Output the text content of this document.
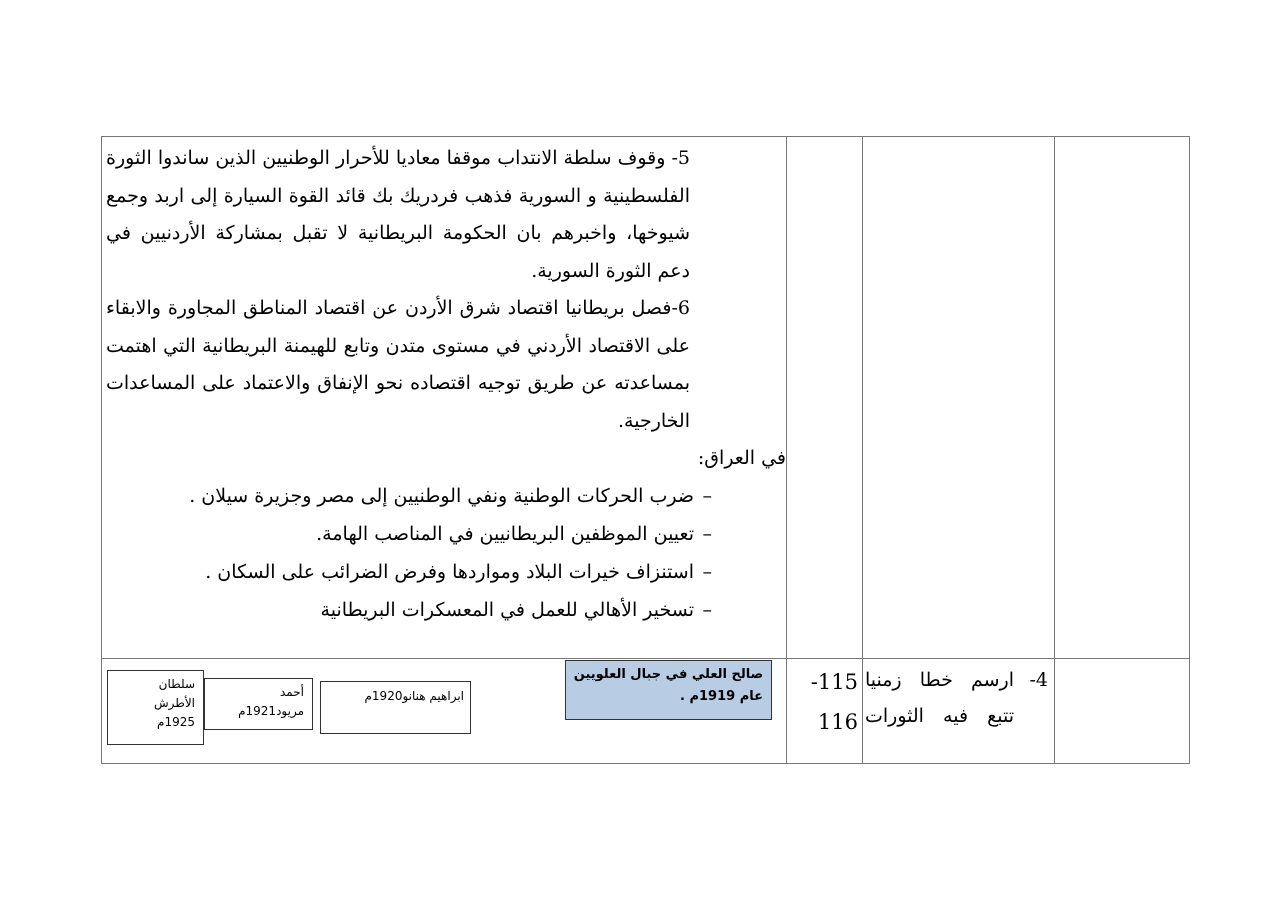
5- وقوف سلطة الانتداب موقفا معاديا للأحرار الوطنيين الذين ساندوا الثورة الفلسطينية و السورية فذهب فردريك بك قائد القوة السيارة إلى اربد وجمع شيوخها، واخبرهم بان الحكومة البريطانية لا تقبل بمشاركة الأردنيين في دعم الثورة السورية.

6-فصل بريطانيا اقتصاد شرق الأردن عن اقتصاد المناطق المجاورة والابقاء على الاقتصاد الأردني في مستوى متدن وتابع للهيمنة البريطانية التي اهتمت بمساعدته عن طريق توجيه اقتصاده نحو الإنفاق والاعتماد على المساعدات الخارجية.

في العراق:
–
ضرب الحركات الوطنية ونفي الوطنيين إلى مصر وجزيرة سيلان .
–
تعيين الموظفين البريطانيين في المناصب الهامة.
–
استنزاف خيرات البلاد ومواردها وفرض الضرائب على السكان .
–
تسخير الأهالي للعمل في المعسكرات البريطانية
4-
ارسم خطا زمنيا تتبع فيه الثورات
115-
116
صالح العلي في جبال العلويين
عام 1919م .
ابراهيم هنانو1920م
أحمد
مريود1921م
سلطان
الأطرش
1925م
